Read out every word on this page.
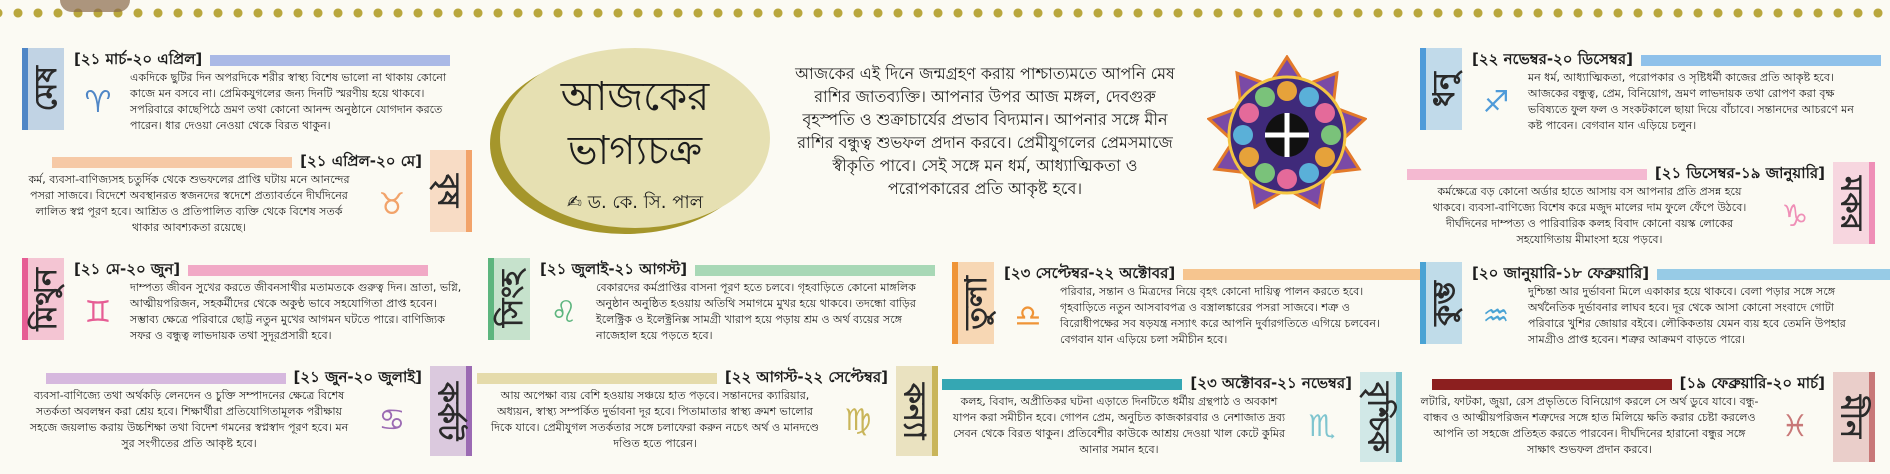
আজকের
ভাগ্যচক্র
✍ ড. কে. সি. পাল
আজকের এই দিনে জন্মগ্রহণ করায় পাশ্চাত্যমতে আপনি মেষ রাশির জাতব্যক্তি। আপনার উপর আজ মঙ্গল, দেবগুরু বৃহস্পতি ও শুক্রাচার্যের প্রভাব বিদ্যমান। আপনার সঙ্গে মীন রাশির বন্ধুত্ব শুভফল প্রদান করবে। প্রেমীযুগলের প্রেমসমাজে স্বীকৃতি পাবে। সেই সঙ্গে মন ধর্ম, আধ্যাত্মিকতা ও পরোপকারের প্রতি আকৃষ্ট হবে।
মেষ
[২১ মার্চ-২০ এপ্রিল]
♈
একদিকে ছুটির দিন অপরদিকে শরীর স্বাস্থ্য বিশেষ ভালো না থাকায় কোনো কাজে মন বসবে না। প্রেমিকযুগলের জন্য দিনটি স্মরণীয় হয়ে থাকবে। সপরিবারে কাছেপিঠে ভ্রমণ তথা কোনো আনন্দ অনুষ্ঠানে যোগদান করতে পারেন। ধার দেওয়া নেওয়া থেকে বিরত থাকুন।
বৃষ
[২১ এপ্রিল-২০ মে]
♉
কর্ম, ব্যবসা-বাণিজ্যসহ চতুর্দিক থেকে শুভফলের প্রাপ্তি ঘটায় মনে আনন্দের পসরা সাজবে। বিদেশে অবস্থানরত স্বজনদের স্বদেশে প্রত্যাবর্তনে দীর্ঘদিনের লালিত স্বপ্ন পূরণ হবে। আশ্রিত ও প্রতিপালিত ব্যক্তি থেকে বিশেষ সতর্ক থাকার আবশ্যকতা রয়েছে।
মিথুন [২১ মে-২০ জুন]
♊
দাম্পত্য জীবন সুখের করতে জীবনসাথীর মতামতকে গুরুত্ব দিন। ভ্রাতা, ভগ্নি, আত্মীয়পরিজন, সহকর্মীদের থেকে অকুণ্ঠ ভাবে সহযোগিতা প্রাপ্ত হবেন। সম্ভাব্য ক্ষেত্রে পরিবারে ছোট্ট নতুন মুখের আগমন ঘটতে পারে। বাণিজ্যিক সফর ও বন্ধুত্ব লাভদায়ক তথা সুদূরপ্রসারী হবে।
কর্কট
[২১ জুন-২০ জুলাই]
♋
ব্যবসা-বাণিজ্যে তথা অর্থকড়ি লেনদেন ও চুক্তি সম্পাদনের ক্ষেত্রে বিশেষ সতর্কতা অবলম্বন করা শ্রেয় হবে। শিক্ষার্থীরা প্রতিযোগিতামূলক পরীক্ষায় সহজে জয়লাভ করায় উচ্চশিক্ষা তথা বিদেশ গমনের স্বপ্নস্বাদ পূরণ হবে। মন সুর সংগীতের প্রতি আকৃষ্ট হবে।
সিংহ
[২১ জুলাই-২১ আগস্ট]
♌
বেকারদের কর্মপ্রাপ্তির বাসনা পূরণ হতে চলবে। গৃহবাড়িতে কোনো মাঙ্গলিক অনুষ্ঠান অনুষ্ঠিত হওয়ায় অতিথি সমাগমে মুখর হয়ে থাকবে। তদন্ধো বাড়ির ইলেক্ট্রিক ও ইলেক্ট্রনিক্স সামগ্রী খারাপ হয়ে পড়ায় শ্রম ও অর্থ ব্যয়ের সঙ্গে নাজেহাল হয়ে পড়তে হবে।
কন্যা
[২২ আগস্ট-২২ সেপ্টেম্বর]
♍
আয় অপেক্ষা ব্যয় বেশি হওয়ায় সঞ্চয়ে হাত পড়বে। সন্তানদের ক্যারিয়ার, অধ্যয়ন, স্বাস্থ্য সম্পর্কিত দুর্ভাবনা দূর হবে। পিতামাতার স্বাস্থ্য ক্রমশ ভালোর দিকে যাবে। প্রেমীযুগল সতর্কতার সঙ্গে চলাফেরা করুন নচেৎ অর্থ ও মানদণ্ডে দণ্ডিত হতে পারেন।
তুলা
[২৩ সেপ্টেম্বর-২২ অক্টোবর]
♎
পরিবার, সন্তান ও মিত্রদের নিয়ে বৃহৎ কোনো দায়িত্ব পালন করতে হবে। গৃহবাড়িতে নতুন আসবাবপত্র ও বস্ত্রালঙ্কারের পসরা সাজবে। শত্রু ও বিরোধীপক্ষের সব ষড়যন্ত্র নস্যাৎ করে আপনি দুর্বারগতিতে এগিয়ে চলবেন। বেগবান যান এড়িয়ে চলা সমীচীন হবে।
বৃশ্চিক
[২৩ অক্টোবর-২১ নভেম্বর]
♏
কলহ, বিবাদ, অপ্রীতিকর ঘটনা এড়াতে দিনটিতে ধর্মীয় গ্রন্থপাঠ ও অবকাশ যাপন করা সমীচীন হবে। গোপন প্রেম, অনুচিত কাজকারবার ও নেশাজাত দ্রব্য সেবন থেকে বিরত থাকুন। প্রতিবেশীর কাউকে আশ্রয় দেওয়া খাল কেটে কুমির আনার সমান হবে।
ধনু
[২২ নভেম্বর-২০ ডিসেম্বর]
♐
মন ধর্ম, আধ্যাত্মিকতা, পরোপকার ও সৃষ্টিধর্মী কাজের প্রতি আকৃষ্ট হবে। আজকের বন্ধুত্ব, প্রেম, বিনিয়োগ, ভ্রমণ লাভদায়ক তথা রোপণ করা বৃক্ষ ভবিষ্যতে ফুল ফল ও সংকটকালে ছায়া দিয়ে বাঁচাবে। সন্তানদের আচরণে মন কষ্ট পাবেন। বেগবান যান এড়িয়ে চলুন।
মকর
[২১ ডিসেম্বর-১৯ জানুয়ারি]
♑
কর্মক্ষেত্রে বড় কোনো অর্ডার হাতে আসায় বস আপনার প্রতি প্রসন্ন হয়ে থাকবে। ব্যবসা-বাণিজ্যে বিশেষ করে মজুদ মালের দাম ফুলে ফেঁপে উঠবে। দীর্ঘদিনের দাম্পত্য ও পারিবারিক কলহ বিবাদ কোনো বয়স্ক লোকের সহযোগিতায় মীমাংসা হয়ে পড়বে।
কুম্ভ
[২০ জানুয়ারি-১৮ ফেব্রুয়ারি]
♒
দুশ্চিন্তা আর দুর্ভাবনা মিলে একাকার হয়ে থাকবে। বেলা পড়ার সঙ্গে সঙ্গে অর্থনৈতিক দুর্ভাবনার লাঘব হবে। দূর থেকে আসা কোনো সংবাদে গোটা পরিবারে খুশির জোয়ার বইবে। লৌকিকতায় যেমন ব্যয় হবে তেমনি উপহার সামগ্রীও প্রাপ্ত হবেন। শত্রুর আক্রমণ বাড়তে পারে।
মীন
[১৯ ফেব্রুয়ারি-২০ মার্চ]
♓
লটারি, ফাটকা, জুয়া, রেস প্রভৃতিতে বিনিয়োগ করলে সে অর্থ ডুবে যাবে। বন্ধু-বান্ধব ও আত্মীয়পরিজন শত্রুদের সঙ্গে হাত মিলিয়ে ক্ষতি করার চেষ্টা করলেও আপনি তা সহজে প্রতিহত করতে পারবেন। দীর্ঘদিনের হারানো বন্ধুর সঙ্গে সাক্ষাৎ শুভফল প্রদান করবে।
